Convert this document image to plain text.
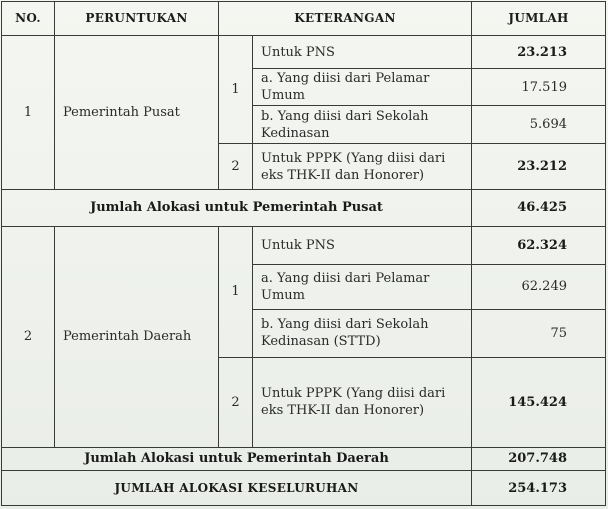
NO.	PERUNTUKAN	KETERANGAN		JUMLAH
1	Pemerintah Pusat	1	Untuk PNS	23.213
			a. Yang diisi dari Pelamar Umum	17.519
			b. Yang diisi dari Sekolah Kedinasan	5.694
		2	Untuk PPPK (Yang diisi dari eks THK-II dan Honorer)	23.212
Jumlah Alokasi untuk Pemerintah Pusat				46.425
2	Pemerintah Daerah	1	Untuk PNS	62.324
			a. Yang diisi dari Pelamar Umum	62.249
			b. Yang diisi dari Sekolah Kedinasan (STTD)	75
		2	Untuk PPPK (Yang diisi dari eks THK-II dan Honorer)	145.424
Jumlah Alokasi untuk Pemerintah Daerah				207.748
JUMLAH ALOKASI KESELURUHAN				254.173
